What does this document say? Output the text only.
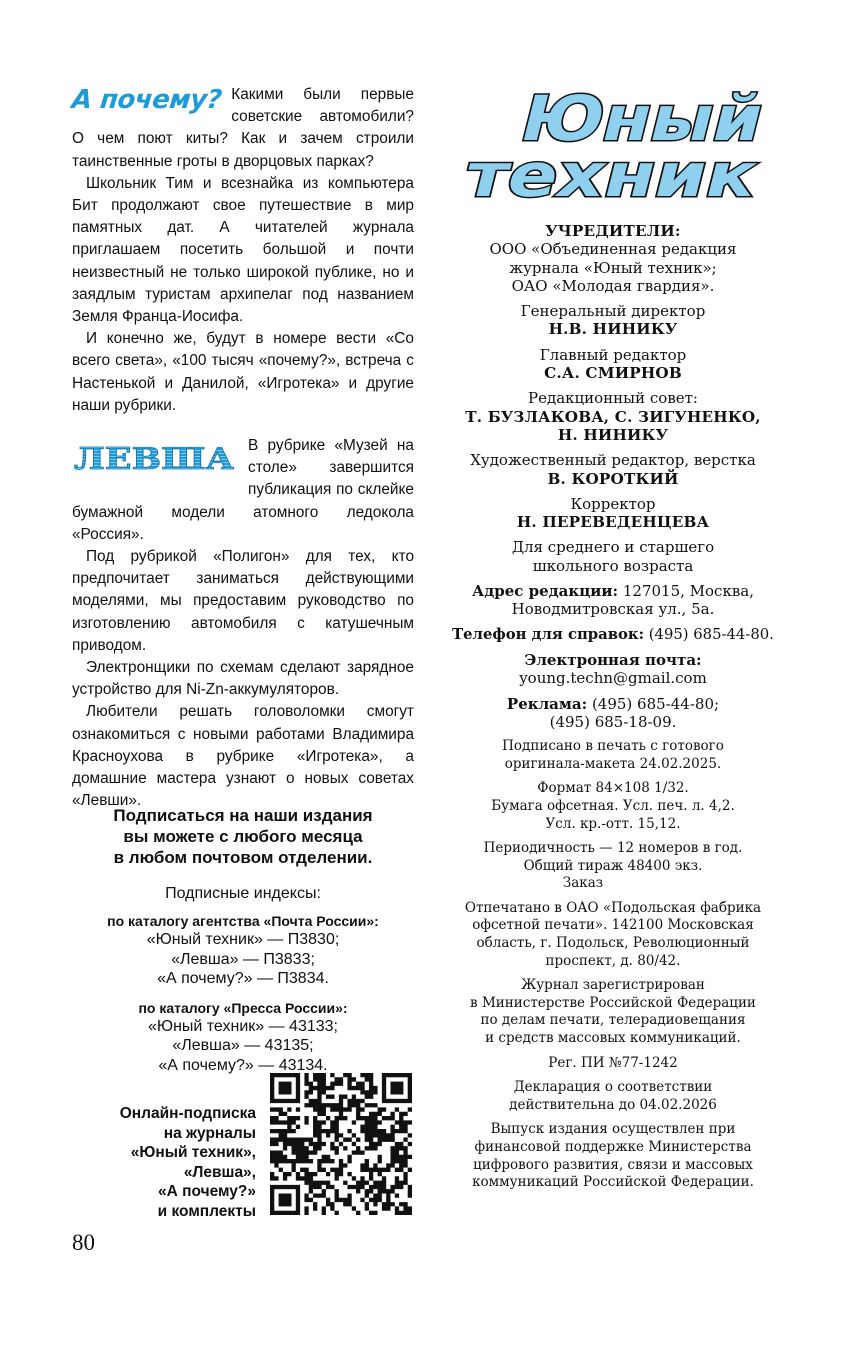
А почему? Какими были первые советские автомобили? О чем поют киты? Как и зачем строили таинственные гроты в дворцовых парках?

Школьник Тим и всезнайка из компьютера Бит продолжают свое путешествие в мир памятных дат. А читателей журнала приглашаем посетить большой и почти неизвестный не только широкой публике, но и заядлым туристам архипелаг под названием Земля Франца-Иосифа.

И конечно же, будут в номере вести «Со всего света», «100 тысяч «почему?», встреча с Настенькой и Данилой, «Игротека» и другие наши рубрики.

ЛЕВША В рубрике «Музей на столе» завершится публикация по склейке бумажной модели атомного ледокола «Россия».

Под рубрикой «Полигон» для тех, кто предпочитает заниматься действующими моделями, мы предоставим руководство по изготовлению автомобиля с катушечным приводом.

Электронщики по схемам сделают зарядное устройство для Ni-Zn-аккумуляторов.

Любители решать головоломки смогут ознакомиться с новыми работами Владимира Красноухова в рубрике «Игротека», а домашние мастера узнают о новых советах «Левши».

Подписаться на наши издания
вы можете с любого месяца
в любом почтовом отделении.
Подписные индексы:
по каталогу агентства «Почта России»:
«Юный техник» — П3830;
«Левша» — П3833;
«А почему?» — П3834.
по каталогу «Пресса России»:
«Юный техник» — 43133;
«Левша» — 43135;
«А почему?» — 43134.
Онлайн-подписка
на журналы
«Юный техник»,
«Левша»,
«А почему?»
и комплекты
80
Юный
техник
УЧРЕДИТЕЛИ:
ООО «Объединенная редакция
журнала «Юный техник»;
ОАО «Молодая гвардия».
Генеральный директор
Н.В. НИНИКУ
Главный редактор
С.А. СМИРНОВ
Редакционный совет:
Т. БУЗЛАКОВА, С. ЗИГУНЕНКО,
Н. НИНИКУ
Художественный редактор, верстка
В. КОРОТКИЙ
Корректор
Н. ПЕРЕВЕДЕНЦЕВА
Для среднего и старшего
школьного возраста
Адрес редакции: 127015, Москва,
Новодмитровская ул., 5а.
Телефон для справок: (495) 685-44-80.
Электронная почта:
young.techn@gmail.com
Реклама: (495) 685-44-80;
(495) 685-18-09.
Подписано в печать с готового
оригинала-макета 24.02.2025.
Формат 84×108 1/32.
Бумага офсетная. Усл. печ. л. 4,2.
Усл. кр.-отт. 15,12.
Периодичность — 12 номеров в год.
Общий тираж 48400 экз.
Заказ
Отпечатано в ОАО «Подольская фабрика
офсетной печати». 142100 Московская
область, г. Подольск, Революционный
проспект, д. 80/42.
Журнал зарегистрирован
в Министерстве Российской Федерации
по делам печати, телерадиовещания
и средств массовых коммуникаций.
Рег. ПИ №77-1242
Декларация о соответствии
действительна до 04.02.2026
Выпуск издания осуществлен при
финансовой поддержке Министерства
цифрового развития, связи и массовых
коммуникаций Российской Федерации.
